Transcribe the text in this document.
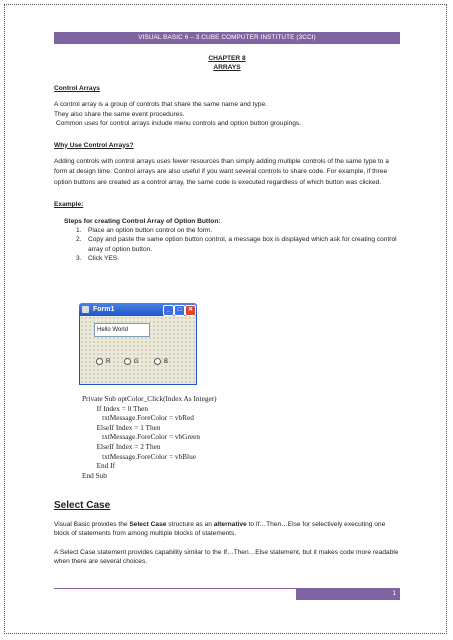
VISUAL BASIC 6 – 3 CUBE COMPUTER INSTITUTE (3CCI)
CHAPTER 8
ARRAYS

Control Arrays

A control array is a group of controls that share the same name and type.

They also share the same event procedures.

Common uses for control arrays include menu controls and option button groupings.

Why Use Control Arrays?

Adding controls with control arrays uses fewer resources than simply adding multiple controls of the same type to a form at design time. Control arrays are also useful if you want several controls to share code. For example, if three option buttons are created as a control array, the same code is executed regardless of which button was clicked.

Example:

Steps for creating Control Array of Option Button:

1. Place an option button control on the form.
2. Copy and paste the same option button control, a message box is displayed which ask for creating control array of option button.
3. Click YES.
Form1	_	□	✕
Hello World
R	G	B
Private Sub optColor_Click(Index As Integer)
If Index = 0 Then
txtMessage.ForeColor = vbRed
ElseIf Index = 1 Then
txtMessage.ForeColor = vbGreen
ElseIf Index = 2 Then
txtMessage.ForeColor = vbBlue
End If
End Sub
Select Case

Visual Basic provides the Select Case structure as an alternative to If…Then…Else for selectively executing one block of statements from among multiple blocks of statements.

A Select Case statement provides capability similar to the If…Then…Else statement, but it makes code more readable when there are several choices.

1
